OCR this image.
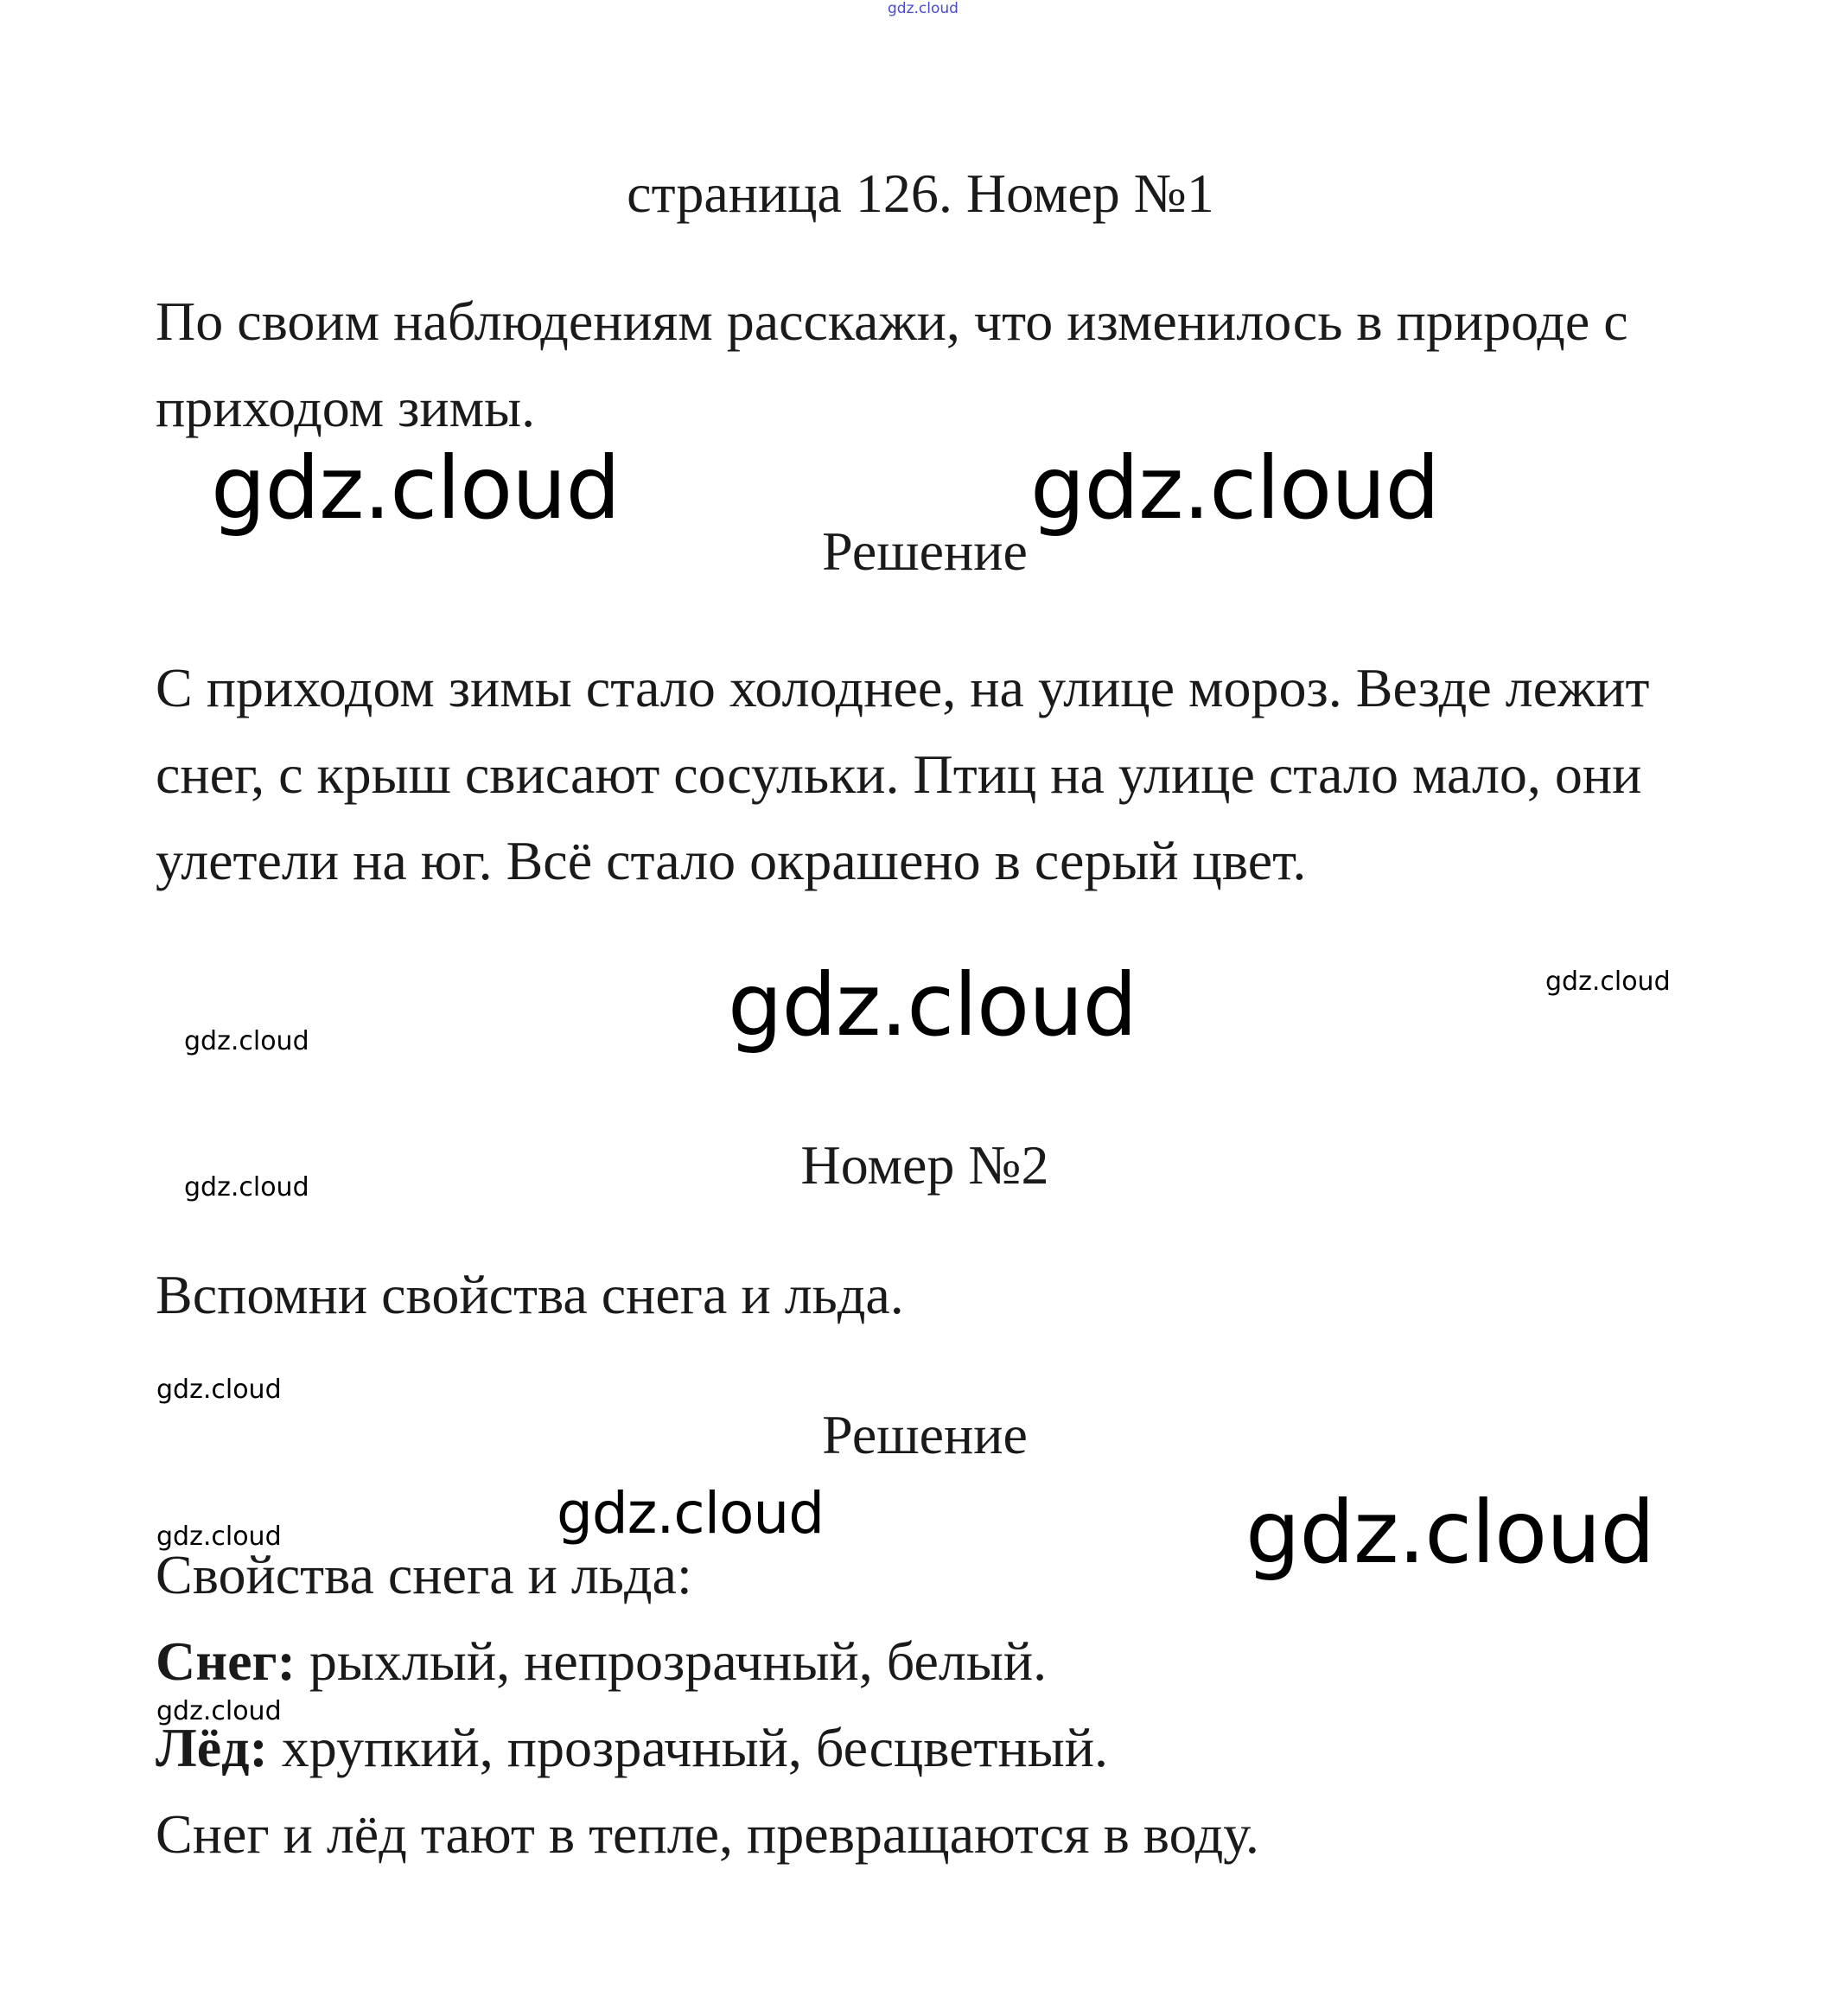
gdz.cloud
страница 126. Номер №1

По своим наблюдениям расскажи, что изменилось в природе с приходом зимы.

gdz.cloud	gdz.cloud
Решение

С приходом зимы стало холоднее, на улице мороз. Везде лежит снег, с крыш свисают сосульки. Птиц на улице стало мало, они улетели на юг. Всё стало окрашено в серый цвет.

gdz.cloud	gdz.cloud
gdz.cloud
Номер №2
gdz.cloud

Вспомни свойства снега и льда.

gdz.cloud
Решение
gdz.cloud	gdz.cloud
gdz.cloud

Свойства снега и льда:

Снег: рыхлый, непрозрачный, белый.

gdz.cloud

Лёд: хрупкий, прозрачный, бесцветный.

Снег и лёд тают в тепле, превращаются в воду.
